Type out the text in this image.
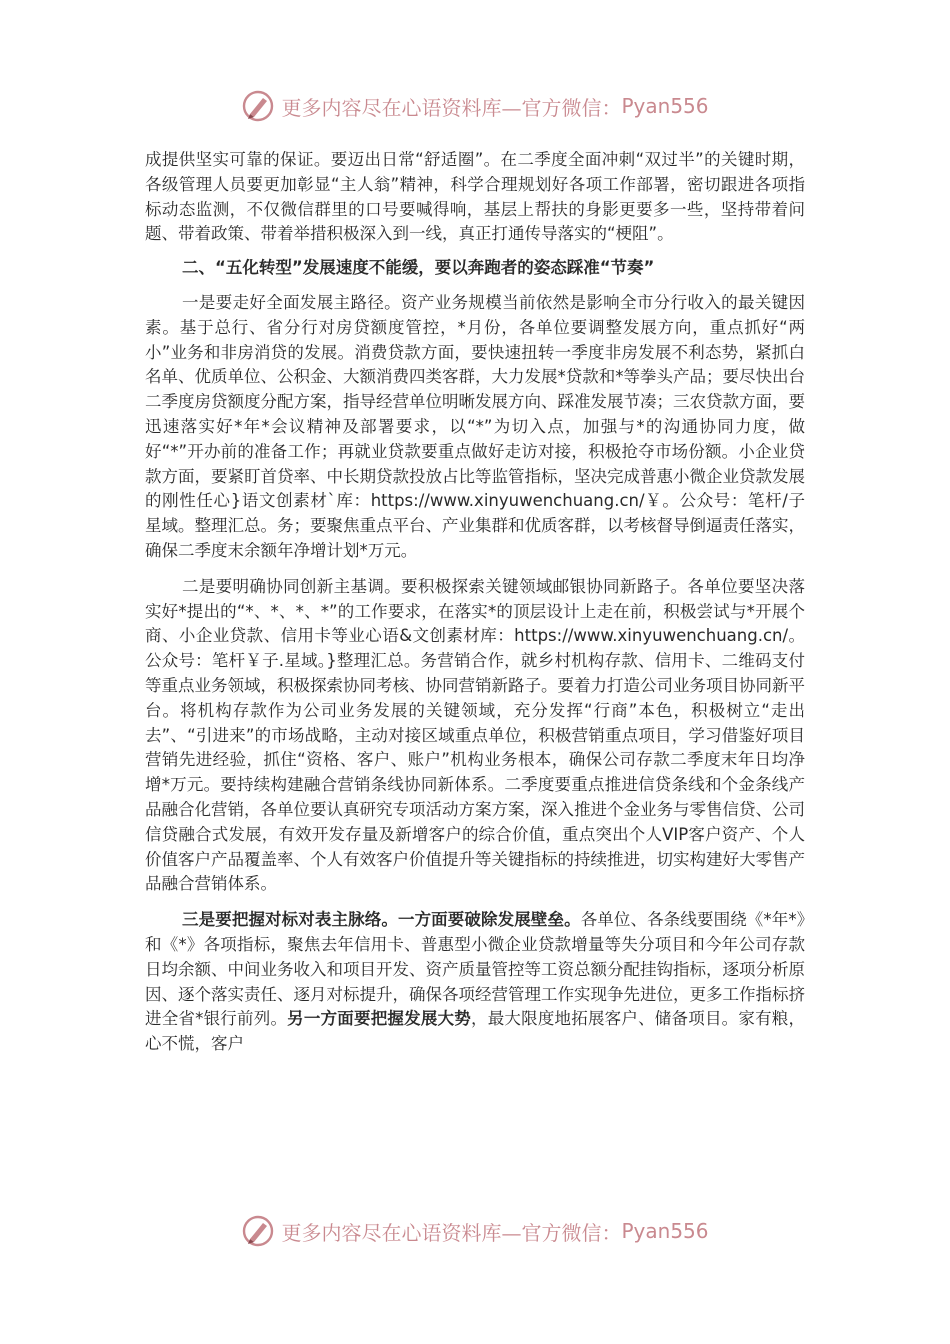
更多内容尽在心语资料库—官方微信： Pyan556

成提供坚实可靠的保证。要迈出日常“舒适圈”。在二季度全面冲刺“双过半”的关键时期，各级管理人员要更加彰显“主人翁”精神，科学合理规划好各项工作部署，密切跟进各项指标动态监测，不仅微信群里的口号要喊得响，基层上帮扶的身影更要多一些，坚持带着问题、带着政策、带着举措积极深入到一线，真正打通传导落实的“梗阻”。

二、“五化转型”发展速度不能缓，要以奔跑者的姿态踩准“节奏”

一是要走好全面发展主路径。资产业务规模当前依然是影响全市分行收入的最关键因素。基于总行、省分行对房贷额度管控，*月份，各单位要调整发展方向，重点抓好“两小”业务和非房消贷的发展。消费贷款方面，要快速扭转一季度非房发展不利态势，紧抓白名单、优质单位、公积金、大额消费四类客群，大力发展*贷款和*等拳头产品；要尽快出台二季度房贷额度分配方案，指导经营单位明晰发展方向、踩准发展节凑；三农贷款方面，要迅速落实好*年*会议精神及部署要求，以“*”为切入点，加强与*的沟通协同力度，做好“*”开办前的准备工作；再就业贷款要重点做好走访对接，积极抢夺市场份额。小企业贷款方面，要紧盯首贷率、中长期贷款投放占比等监管指标，坚决完成普惠小微企业贷款发展的刚性任心}语文创素材`库：https://www.xinyuwenchuang.cn/￥。公众号：笔杆/子星域。整理汇总。务；要聚焦重点平台、产业集群和优质客群，以考核督导倒逼责任落实，确保二季度末余额年净增计划*万元。

二是要明确协同创新主基调。要积极探索关键领域邮银协同新路子。各单位要坚决落实好*提出的“*、*、*、*”的工作要求，在落实*的顶层设计上走在前，积极尝试与*开展个商、小企业贷款、信用卡等业心语&文创素材库：https://www.xinyuwenchuang.cn/。公众号：笔杆￥子.星域。}整理汇总。务营销合作，就乡村机构存款、信用卡、二维码支付等重点业务领域，积极探索协同考核、协同营销新路子。要着力打造公司业务项目协同新平台。将机构存款作为公司业务发展的关键领域，充分发挥“行商”本色，积极树立“走出去”、“引进来”的市场战略，主动对接区域重点单位，积极营销重点项目，学习借鉴好项目营销先进经验，抓住“资格、客户、账户”机构业务根本，确保公司存款二季度末年日均净增*万元。要持续构建融合营销条线协同新体系。二季度要重点推进信贷条线和个金条线产品融合化营销，各单位要认真研究专项活动方案方案，深入推进个金业务与零售信贷、公司信贷融合式发展，有效开发存量及新增客户的综合价值，重点突出个人VIP客户资产、个人价值客户产品覆盖率、个人有效客户价值提升等关键指标的持续推进，切实构建好大零售产品融合营销体系。

三是要把握对标对表主脉络。一方面要破除发展壁垒。各单位、各条线要围绕《*年*》和《*》各项指标，聚焦去年信用卡、普惠型小微企业贷款增量等失分项目和今年公司存款日均余额、中间业务收入和项目开发、资产质量管控等工资总额分配挂钩指标，逐项分析原因、逐个落实责任、逐月对标提升，确保各项经营管理工作实现争先进位，更多工作指标挤进全省*银行前列。另一方面要把握发展大势，最大限度地拓展客户、储备项目。家有粮，心不慌，客户

更多内容尽在心语资料库—官方微信： Pyan556
